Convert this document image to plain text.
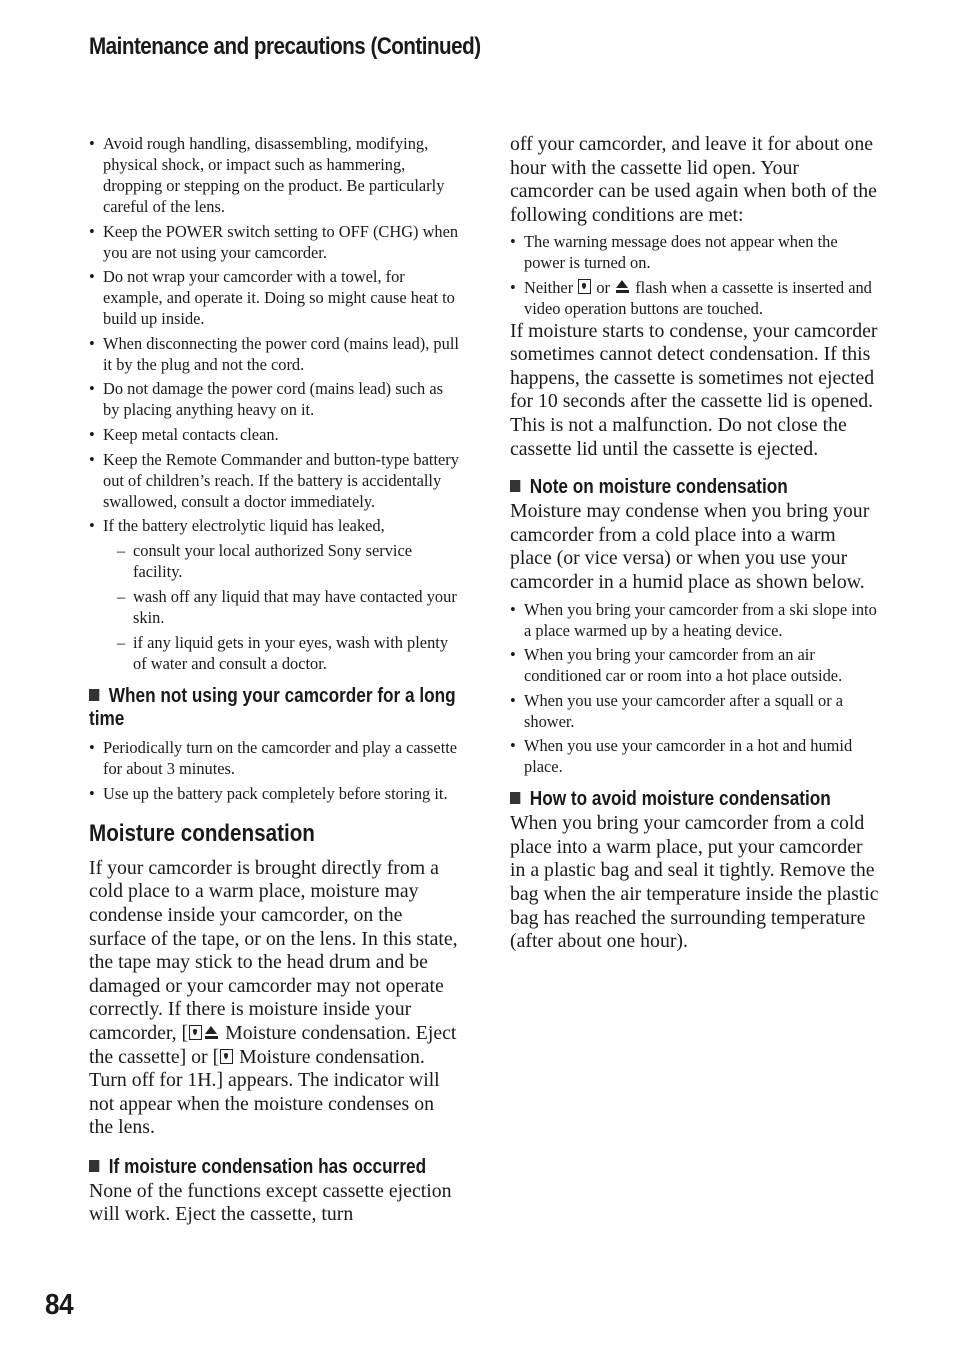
Maintenance and precautions (Continued)
• Avoid rough handling, disassembling, modifying, physical shock, or impact such as hammering, dropping or stepping on the product. Be particularly careful of the lens.
• Keep the POWER switch setting to OFF (CHG) when you are not using your camcorder.
• Do not wrap your camcorder with a towel, for example, and operate it. Doing so might cause heat to build up inside.
• When disconnecting the power cord (mains lead), pull it by the plug and not the cord.
• Do not damage the power cord (mains lead) such as by placing anything heavy on it.
• Keep metal contacts clean.
• Keep the Remote Commander and button-type battery out of children’s reach. If the battery is accidentally swallowed, consult a doctor immediately.
• If the battery electrolytic liquid has leaked,
– consult your local authorized Sony service facility.
– wash off any liquid that may have contacted your skin.
– if any liquid gets in your eyes, wash with plenty of water and consult a doctor.
When not using your camcorder for a long time
• Periodically turn on the camcorder and play a cassette for about 3 minutes.
• Use up the battery pack completely before storing it.
Moisture condensation

If your camcorder is brought directly from a cold place to a warm place, moisture may condense inside your camcorder, on the surface of the tape, or on the lens. In this state, the tape may stick to the head drum and be damaged or your camcorder may not operate correctly. If there is moisture inside your camcorder, [ Moisture condensation. Eject the cassette] or [ Moisture condensation. Turn off for 1H.] appears. The indicator will not appear when the moisture condenses on the lens.

If moisture condensation has occurred

None of the functions except cassette ejection will work. Eject the cassette, turn

off your camcorder, and leave it for about one hour with the cassette lid open. Your camcorder can be used again when both of the following conditions are met:

• The warning message does not appear when the power is turned on.
• Neither  or  flash when a cassette is inserted and video operation buttons are touched.

If moisture starts to condense, your camcorder sometimes cannot detect condensation. If this happens, the cassette is sometimes not ejected for 10 seconds after the cassette lid is opened. This is not a malfunction. Do not close the cassette lid until the cassette is ejected.

Note on moisture condensation

Moisture may condense when you bring your camcorder from a cold place into a warm place (or vice versa) or when you use your camcorder in a humid place as shown below.

• When you bring your camcorder from a ski slope into a place warmed up by a heating device.
• When you bring your camcorder from an air conditioned car or room into a hot place outside.
• When you use your camcorder after a squall or a shower.
• When you use your camcorder in a hot and humid place.
How to avoid moisture condensation

When you bring your camcorder from a cold place into a warm place, put your camcorder in a plastic bag and seal it tightly. Remove the bag when the air temperature inside the plastic bag has reached the surrounding temperature (after about one hour).

84
